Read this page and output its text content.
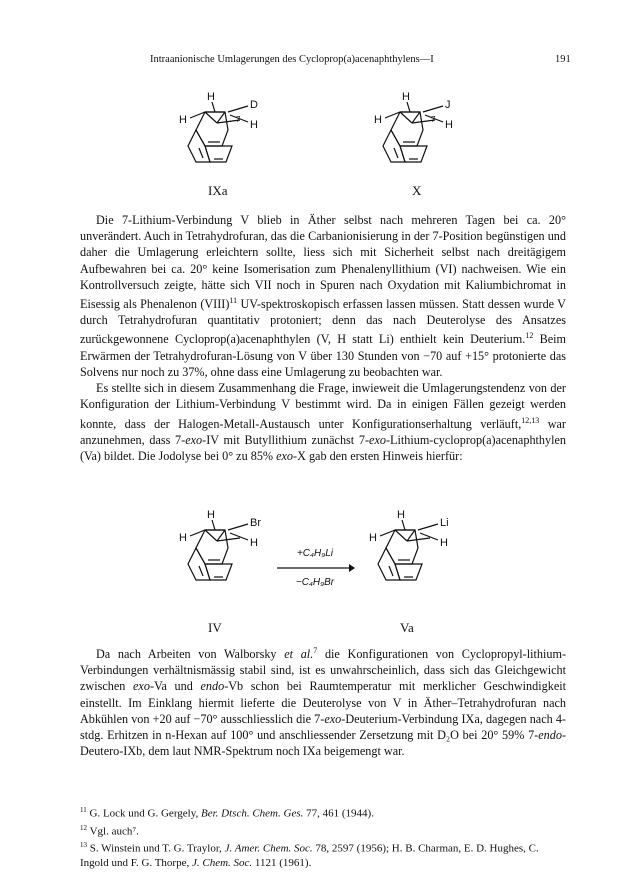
Intraanionische Umlagerungen des Cycloprop(a)acenaphthylens—I	191
H
D
H	H
7
IXa
H
J
H	H
7
X

Die 7-Lithium-Verbindung V blieb in Äther selbst nach mehreren Tagen bei ca. 20° unverändert. Auch in Tetrahydrofuran, das die Carbanionisierung in der 7-Position begünstigen und daher die Umlagerung erleichtern sollte, liess sich mit Sicherheit selbst nach dreitägigem Aufbewahren bei ca. 20° keine Isomerisation zum Phenalenyllithium (VI) nachweisen. Wie ein Kontrollversuch zeigte, hätte sich VII noch in Spuren nach Oxydation mit Kaliumbichromat in Eisessig als Phenalenon (VIII)$^{11}$ UV-spektroskopisch erfassen lassen müssen. Statt dessen wurde V durch Tetrahydrofuran quantitativ protoniert; denn das nach Deuterolyse des Ansatzes zurückgewonnene Cycloprop(a)acenaphthylen (V, H statt Li) enthielt kein Deuterium.$^{12}$ Beim Erwärmen der Tetrahydrofuran-Lösung von V über 130 Stunden von −70 auf +15° protonierte das Solvens nur noch zu 37%, ohne dass eine Umlagerung zu beobachten war.

Es stellte sich in diesem Zusammenhang die Frage, inwieweit die Umlagerungstendenz von der Konfiguration der Lithium-Verbindung V bestimmt wird. Da in einigen Fällen gezeigt werden konnte, dass der Halogen-Metall-Austausch unter Konfigurationserhaltung verläuft,$^{12,13}$ war anzunehmen, dass 7-exo-IV mit Butyllithium zunächst 7-exo-Lithium-cycloprop(a)acenaphthylen (Va) bildet. Die Jodolyse bei 0° zu 85% exo-X gab den ersten Hinweis hierfür:

H
Br
H	H
IV
+C₄H₉Li
−C₄H₉Br
H
Li
H	H
Va

Da nach Arbeiten von Walborsky et al.$^7$ die Konfigurationen von Cyclopropyl-lithium-Verbindungen verhältnismässig stabil sind, ist es unwahrscheinlich, dass sich das Gleichgewicht zwischen exo-Va und endo-Vb schon bei Raumtemperatur mit merklicher Geschwindigkeit einstellt. Im Einklang hiermit lieferte die Deuterolyse von V in Äther–Tetrahydrofuran nach Abkühlen von +20 auf −70° ausschliesslich die 7-exo-Deuterium-Verbindung IXa, dagegen nach 4-stdg. Erhitzen in n-Hexan auf 100° und anschliessender Zersetzung mit D₂O bei 20° 59% 7-endo-Deutero-IXb, dem laut NMR-Spektrum noch IXa beigemengt war.

$^{11}$ G. Lock und G. Gergely, Ber. Dtsch. Chem. Ges. 77, 461 (1944).
$^{12}$ Vgl. auch⁷.
$^{13}$ S. Winstein und T. G. Traylor, J. Amer. Chem. Soc. 78, 2597 (1956); H. B. Charman, E. D. Hughes, C. Ingold und F. G. Thorpe, J. Chem. Soc. 1121 (1961).
